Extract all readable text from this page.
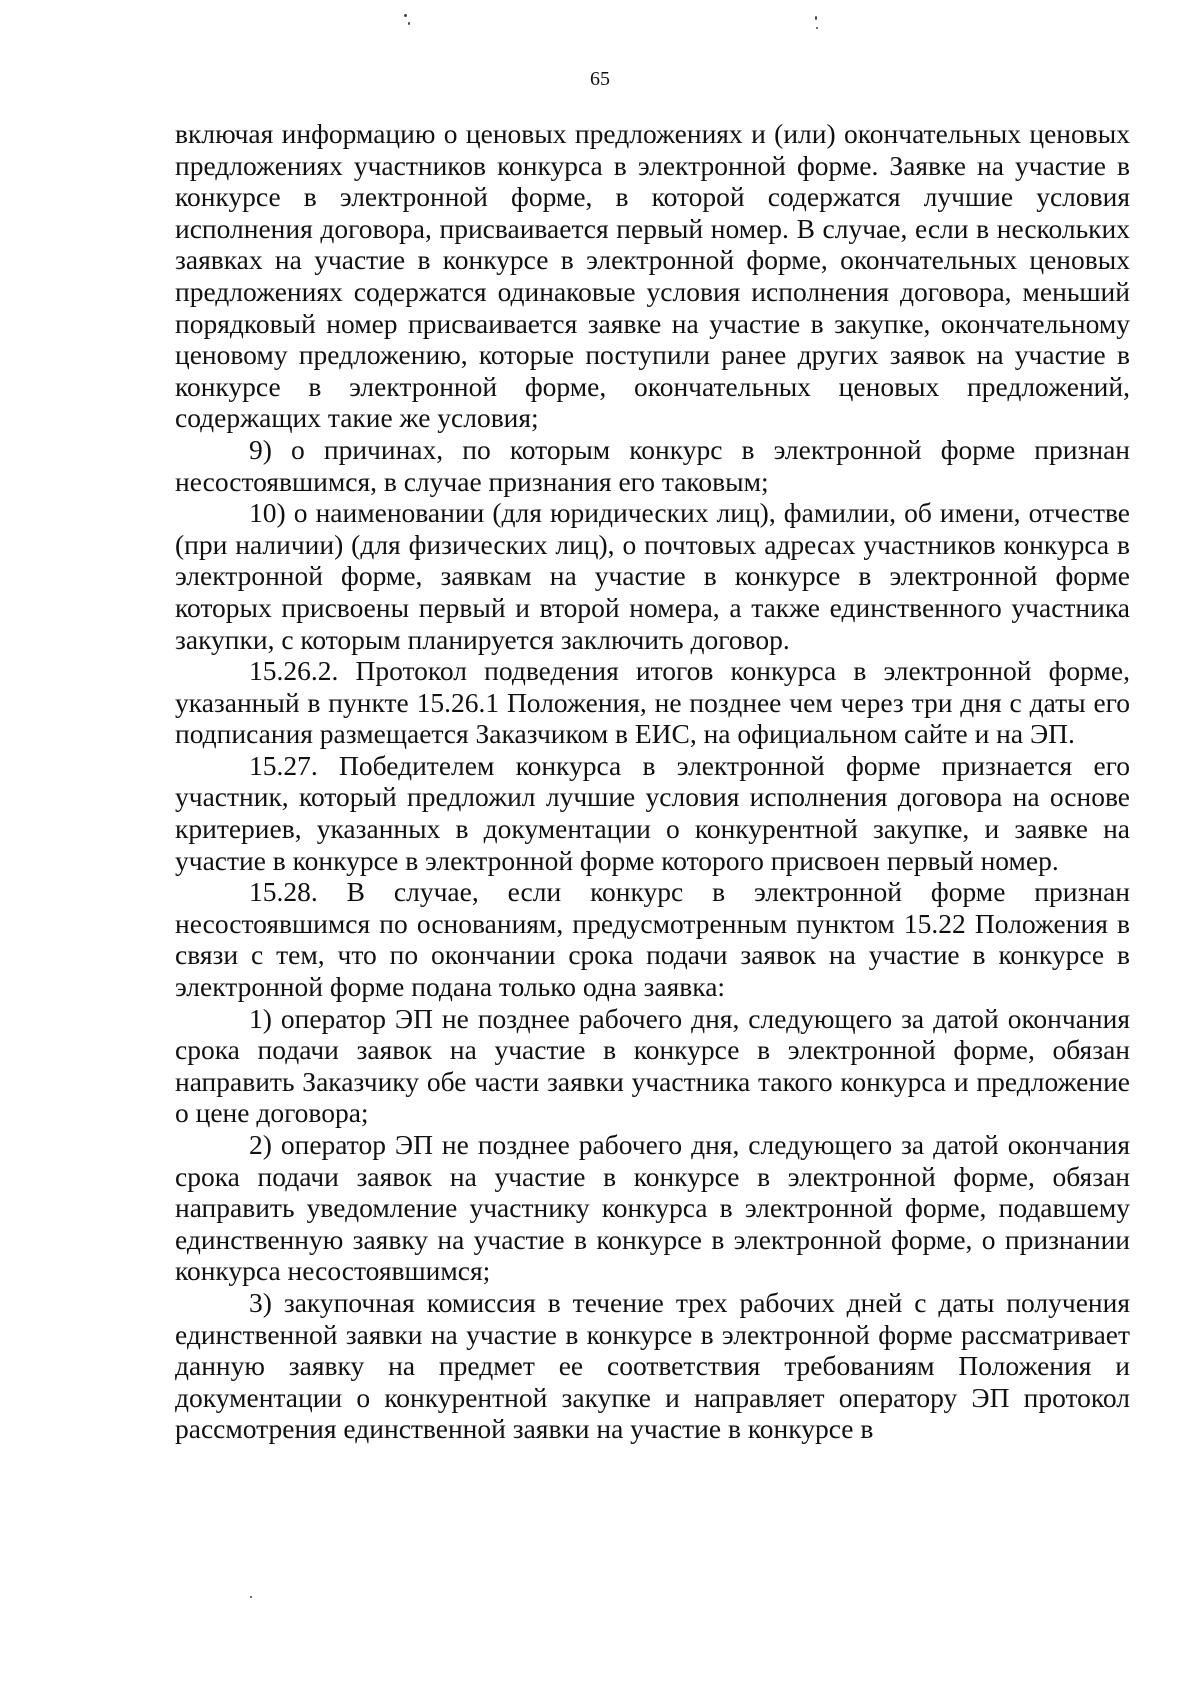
65

включая информацию о ценовых предложениях и (или) окончательных ценовых предложениях участников конкурса в электронной форме. Заявке на участие в конкурсе в электронной форме, в которой содержатся лучшие условия исполнения договора, присваивается первый номер. В случае, если в нескольких заявках на участие в конкурсе в электронной форме, окончательных ценовых предложениях содержатся одинаковые условия исполнения договора, меньший порядковый номер присваивается заявке на участие в закупке, окончательному ценовому предложению, которые поступили ранее других заявок на участие в конкурсе в электронной форме, окончательных ценовых предложений, содержащих такие же условия;

9) о причинах, по которым конкурс в электронной форме признан несостоявшимся, в случае признания его таковым;

10) о наименовании (для юридических лиц), фамилии, об имени, отчестве (при наличии) (для физических лиц), о почтовых адресах участников конкурса в электронной форме, заявкам на участие в конкурсе в электронной форме которых присвоены первый и второй номера, а также единственного участника закупки, с которым планируется заключить договор.

15.26.2. Протокол подведения итогов конкурса в электронной форме, указанный в пункте 15.26.1 Положения, не позднее чем через три дня с даты его подписания размещается Заказчиком в ЕИС, на официальном сайте и на ЭП.

15.27. Победителем конкурса в электронной форме признается его участник, который предложил лучшие условия исполнения договора на основе критериев, указанных в документации о конкурентной закупке, и заявке на участие в конкурсе в электронной форме которого присвоен первый номер.

15.28. В случае, если конкурс в электронной форме признан несостоявшимся по основаниям, предусмотренным пунктом 15.22 Положения в связи с тем, что по окончании срока подачи заявок на участие в конкурсе в электронной форме подана только одна заявка:

1) оператор ЭП не позднее рабочего дня, следующего за датой окончания срока подачи заявок на участие в конкурсе в электронной форме, обязан направить Заказчику обе части заявки участника такого конкурса и предложение о цене договора;

2) оператор ЭП не позднее рабочего дня, следующего за датой окончания срока подачи заявок на участие в конкурсе в электронной форме, обязан направить уведомление участнику конкурса в электронной форме, подавшему единственную заявку на участие в конкурсе в электронной форме, о признании конкурса несостоявшимся;

3) закупочная комиссия в течение трех рабочих дней с даты получения единственной заявки на участие в конкурсе в электронной форме рассматривает данную заявку на предмет ее соответствия требованиям Положения и документации о конкурентной закупке и направляет оператору ЭП протокол рассмотрения единственной заявки на участие в конкурсе в
